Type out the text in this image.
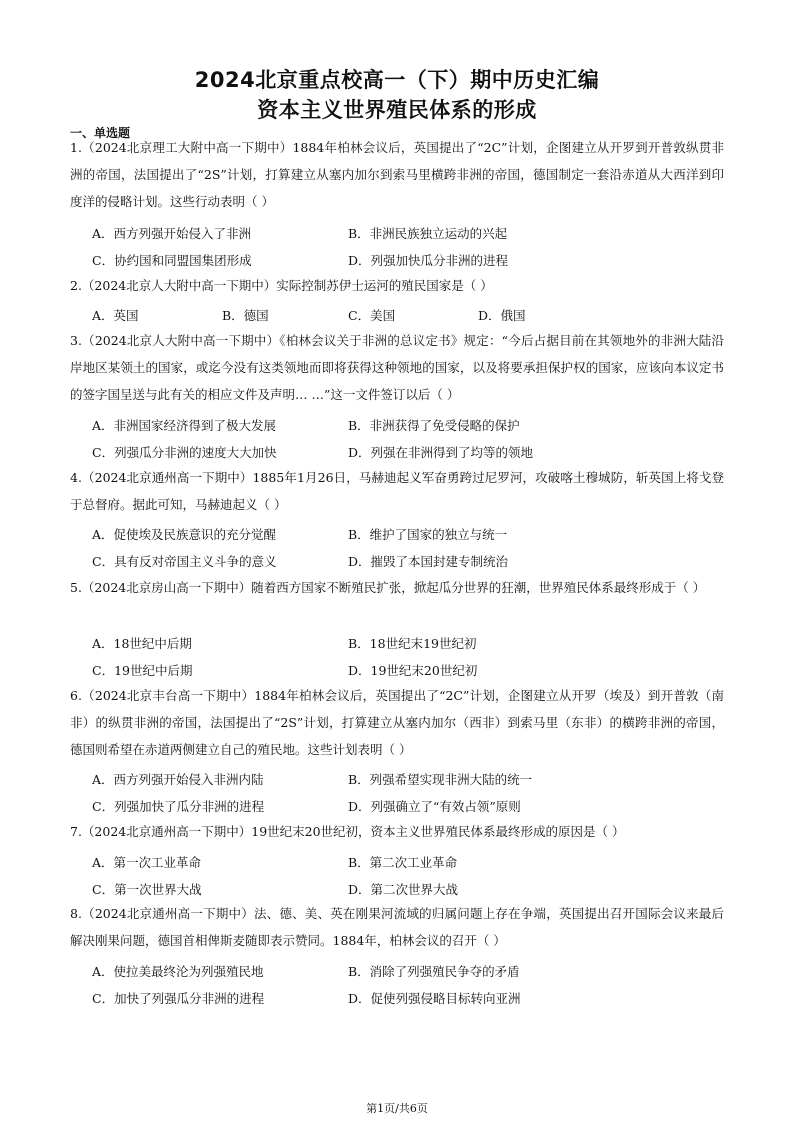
2024北京重点校高一（下）期中历史汇编
资本主义世界殖民体系的形成
一、单选题
1.（2024北京理工大附中高一下期中）1884年柏林会议后，英国提出了“2C”计划，企图建立从开罗到开普敦纵贯非洲的帝国，法国提出了“2S”计划，打算建立从塞内加尔到索马里横跨非洲的帝国，德国制定一套沿赤道从大西洋到印度洋的侵略计划。这些行动表明（ ）
A．西方列强开始侵入了非洲	B．非洲民族独立运动的兴起
C．协约国和同盟国集团形成	D．列强加快瓜分非洲的进程
2.（2024北京人大附中高一下期中）实际控制苏伊士运河的殖民国家是（ ）
A．英国	B．德国	C．美国	D．俄国
3.（2024北京人大附中高一下期中）《柏林会议关于非洲的总议定书》规定：“今后占据目前在其领地外的非洲大陆沿岸地区某领土的国家，或迄今没有这类领地而即将获得这种领地的国家，以及将要承担保护权的国家，应该向本议定书的签字国呈送与此有关的相应文件及声明… …”这一文件签订以后（ ）
A．非洲国家经济得到了极大发展	B．非洲获得了免受侵略的保护
C．列强瓜分非洲的速度大大加快	D．列强在非洲得到了均等的领地
4.（2024北京通州高一下期中）1885年1月26日，马赫迪起义军奋勇跨过尼罗河，攻破喀土穆城防，斩英国上将戈登于总督府。据此可知，马赫迪起义（ ）
A．促使埃及民族意识的充分觉醒	B．维护了国家的独立与统一
C．具有反对帝国主义斗争的意义	D．摧毁了本国封建专制统治
5.（2024北京房山高一下期中）随着西方国家不断殖民扩张，掀起瓜分世界的狂潮，世界殖民体系最终形成于（ ）
A．18世纪中后期	B．18世纪末19世纪初
C．19世纪中后期	D．19世纪末20世纪初
6.（2024北京丰台高一下期中）1884年柏林会议后，英国提出了“2C”计划，企图建立从开罗（埃及）到开普敦（南非）的纵贯非洲的帝国，法国提出了“2S”计划，打算建立从塞内加尔（西非）到索马里（东非）的横跨非洲的帝国，德国则希望在赤道两侧建立自己的殖民地。这些计划表明（ ）
A．西方列强开始侵入非洲内陆	B．列强希望实现非洲大陆的统一
C．列强加快了瓜分非洲的进程	D．列强确立了“有效占领”原则
7.（2024北京通州高一下期中）19世纪末20世纪初，资本主义世界殖民体系最终形成的原因是（ ）
A．第一次工业革命	B．第二次工业革命
C．第一次世界大战	D．第二次世界大战
8.（2024北京通州高一下期中）法、德、美、英在刚果河流域的归属问题上存在争端，英国提出召开国际会议来最后解决刚果问题，德国首相俾斯麦随即表示赞同。1884年，柏林会议的召开（ ）
A．使拉美最终沦为列强殖民地	B．消除了列强殖民争夺的矛盾
C．加快了列强瓜分非洲的进程	D．促使列强侵略目标转向亚洲
第1页/共6页
